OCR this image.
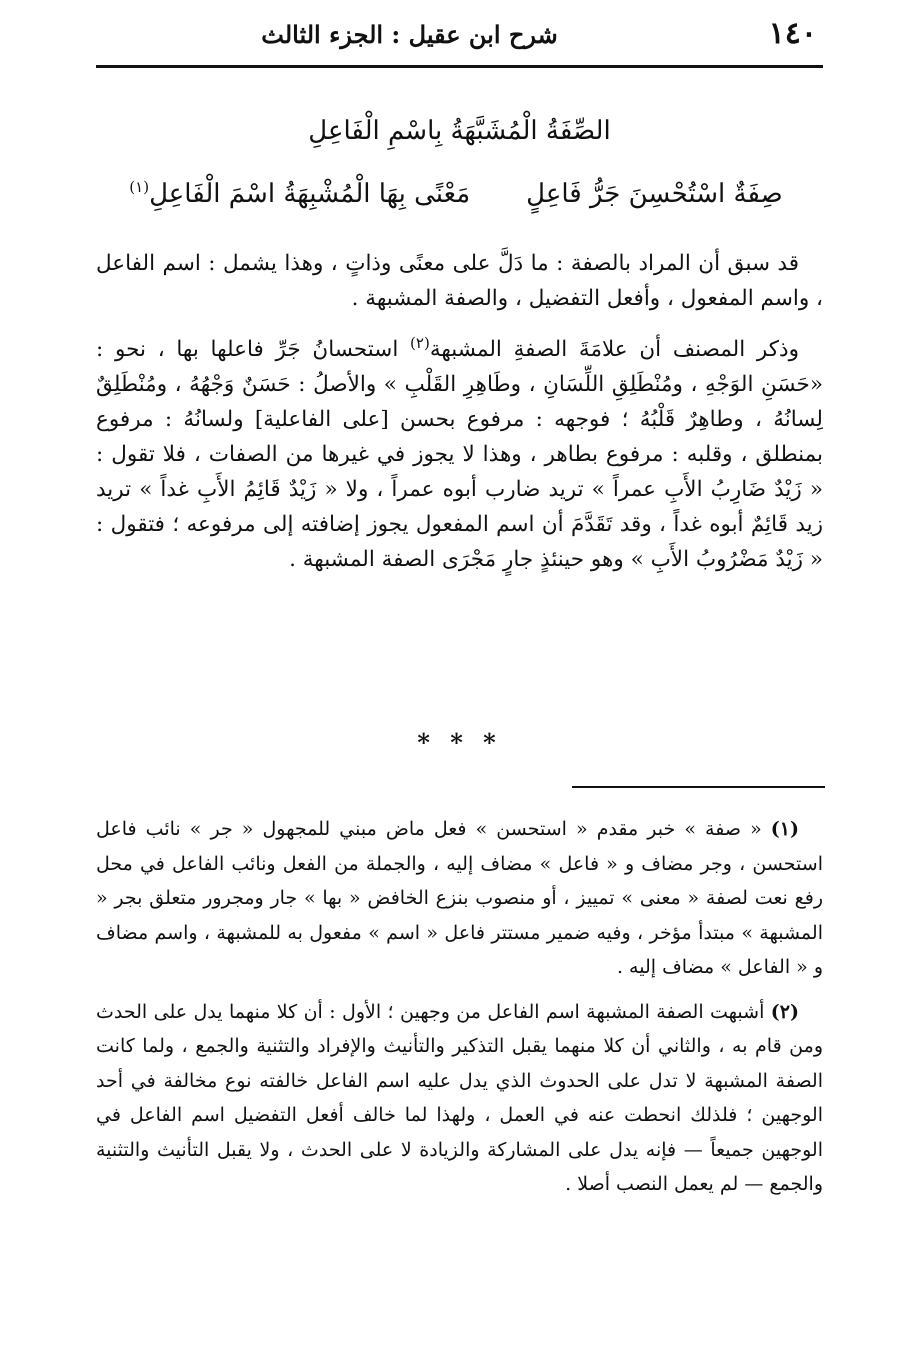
١٤٠
شرح ابن عقيل : الجزء الثالث
الصِّفَةُ الْمُشَبَّهَةُ بِاسْمِ الْفَاعِلِ
صِفَةٌ اسْتُحْسِنَ جَرُّ فَاعِلٍمَعْنًى بِهَا الْمُشْبِهَةُ اسْمَ الْفَاعِلِ$^{(١)}$

قد سبق أن المراد بالصفة : ما دَلَّ على معنًى وذاتٍ ، وهذا يشمل : اسم الفاعل ، واسم المفعول ، وأفعل التفضيل ، والصفة المشبهة .

وذكر المصنف أن علامَةَ الصفةِ المشبهة$^{(٢)}$ استحسانُ جَرِّ فاعلها بها ، نحو : «حَسَنِ الوَجْهِ ، ومُنْطَلِقِ اللِّسَانِ ، وطَاهِرِ القَلْبِ » والأصلُ : حَسَنٌ وَجْهُهُ ، ومُنْطَلِقٌ لِسانُهُ ، وطاهِرٌ قَلْبُهُ ؛ فوجهه : مرفوع بحسن [على الفاعلية] ولسانُهُ : مرفوع بمنطلق ، وقلبه : مرفوع بطاهر ، وهذا لا يجوز في غيرها من الصفات ، فلا تقول : « زَيْدٌ ضَارِبُ الأَبِ عمراً » تريد ضارب أبوه عمراً ، ولا « زَيْدٌ قَائِمُ الأَبِ غداً » تريد زيد قَائِمٌ أبوه غداً ، وقد تَقَدَّمَ أن اسم المفعول يجوز إضافته إلى مرفوعه ؛ فتقول : « زَيْدٌ مَضْرُوبُ الأَبِ » وهو حينئذٍ جارٍ مَجْرَى الصفة المشبهة .

* * *

(١) « صفة » خبر مقدم « استحسن » فعل ماض مبني للمجهول « جر » نائب فاعل استحسن ، وجر مضاف و « فاعل » مضاف إليه ، والجملة من الفعل ونائب الفاعل في محل رفع نعت لصفة « معنى » تمييز ، أو منصوب بنزع الخافض « بها » جار ومجرور متعلق بجر « المشبهة » مبتدأ مؤخر ، وفيه ضمير مستتر فاعل « اسم » مفعول به للمشبهة ، واسم مضاف و « الفاعل » مضاف إليه .

(٢) أشبهت الصفة المشبهة اسم الفاعل من وجهين ؛ الأول : أن كلا منهما يدل على الحدث ومن قام به ، والثاني أن كلا منهما يقبل التذكير والتأنيث والإفراد والتثنية والجمع ، ولما كانت الصفة المشبهة لا تدل على الحدوث الذي يدل عليه اسم الفاعل خالفته نوع مخالفة في أحد الوجهين ؛ فلذلك انحطت عنه في العمل ، ولهذا لما خالف أفعل التفضيل اسم الفاعل في الوجهين جميعاً — فإنه يدل على المشاركة والزيادة لا على الحدث ، ولا يقبل التأنيث والتثنية والجمع — لم يعمل النصب أصلا .
